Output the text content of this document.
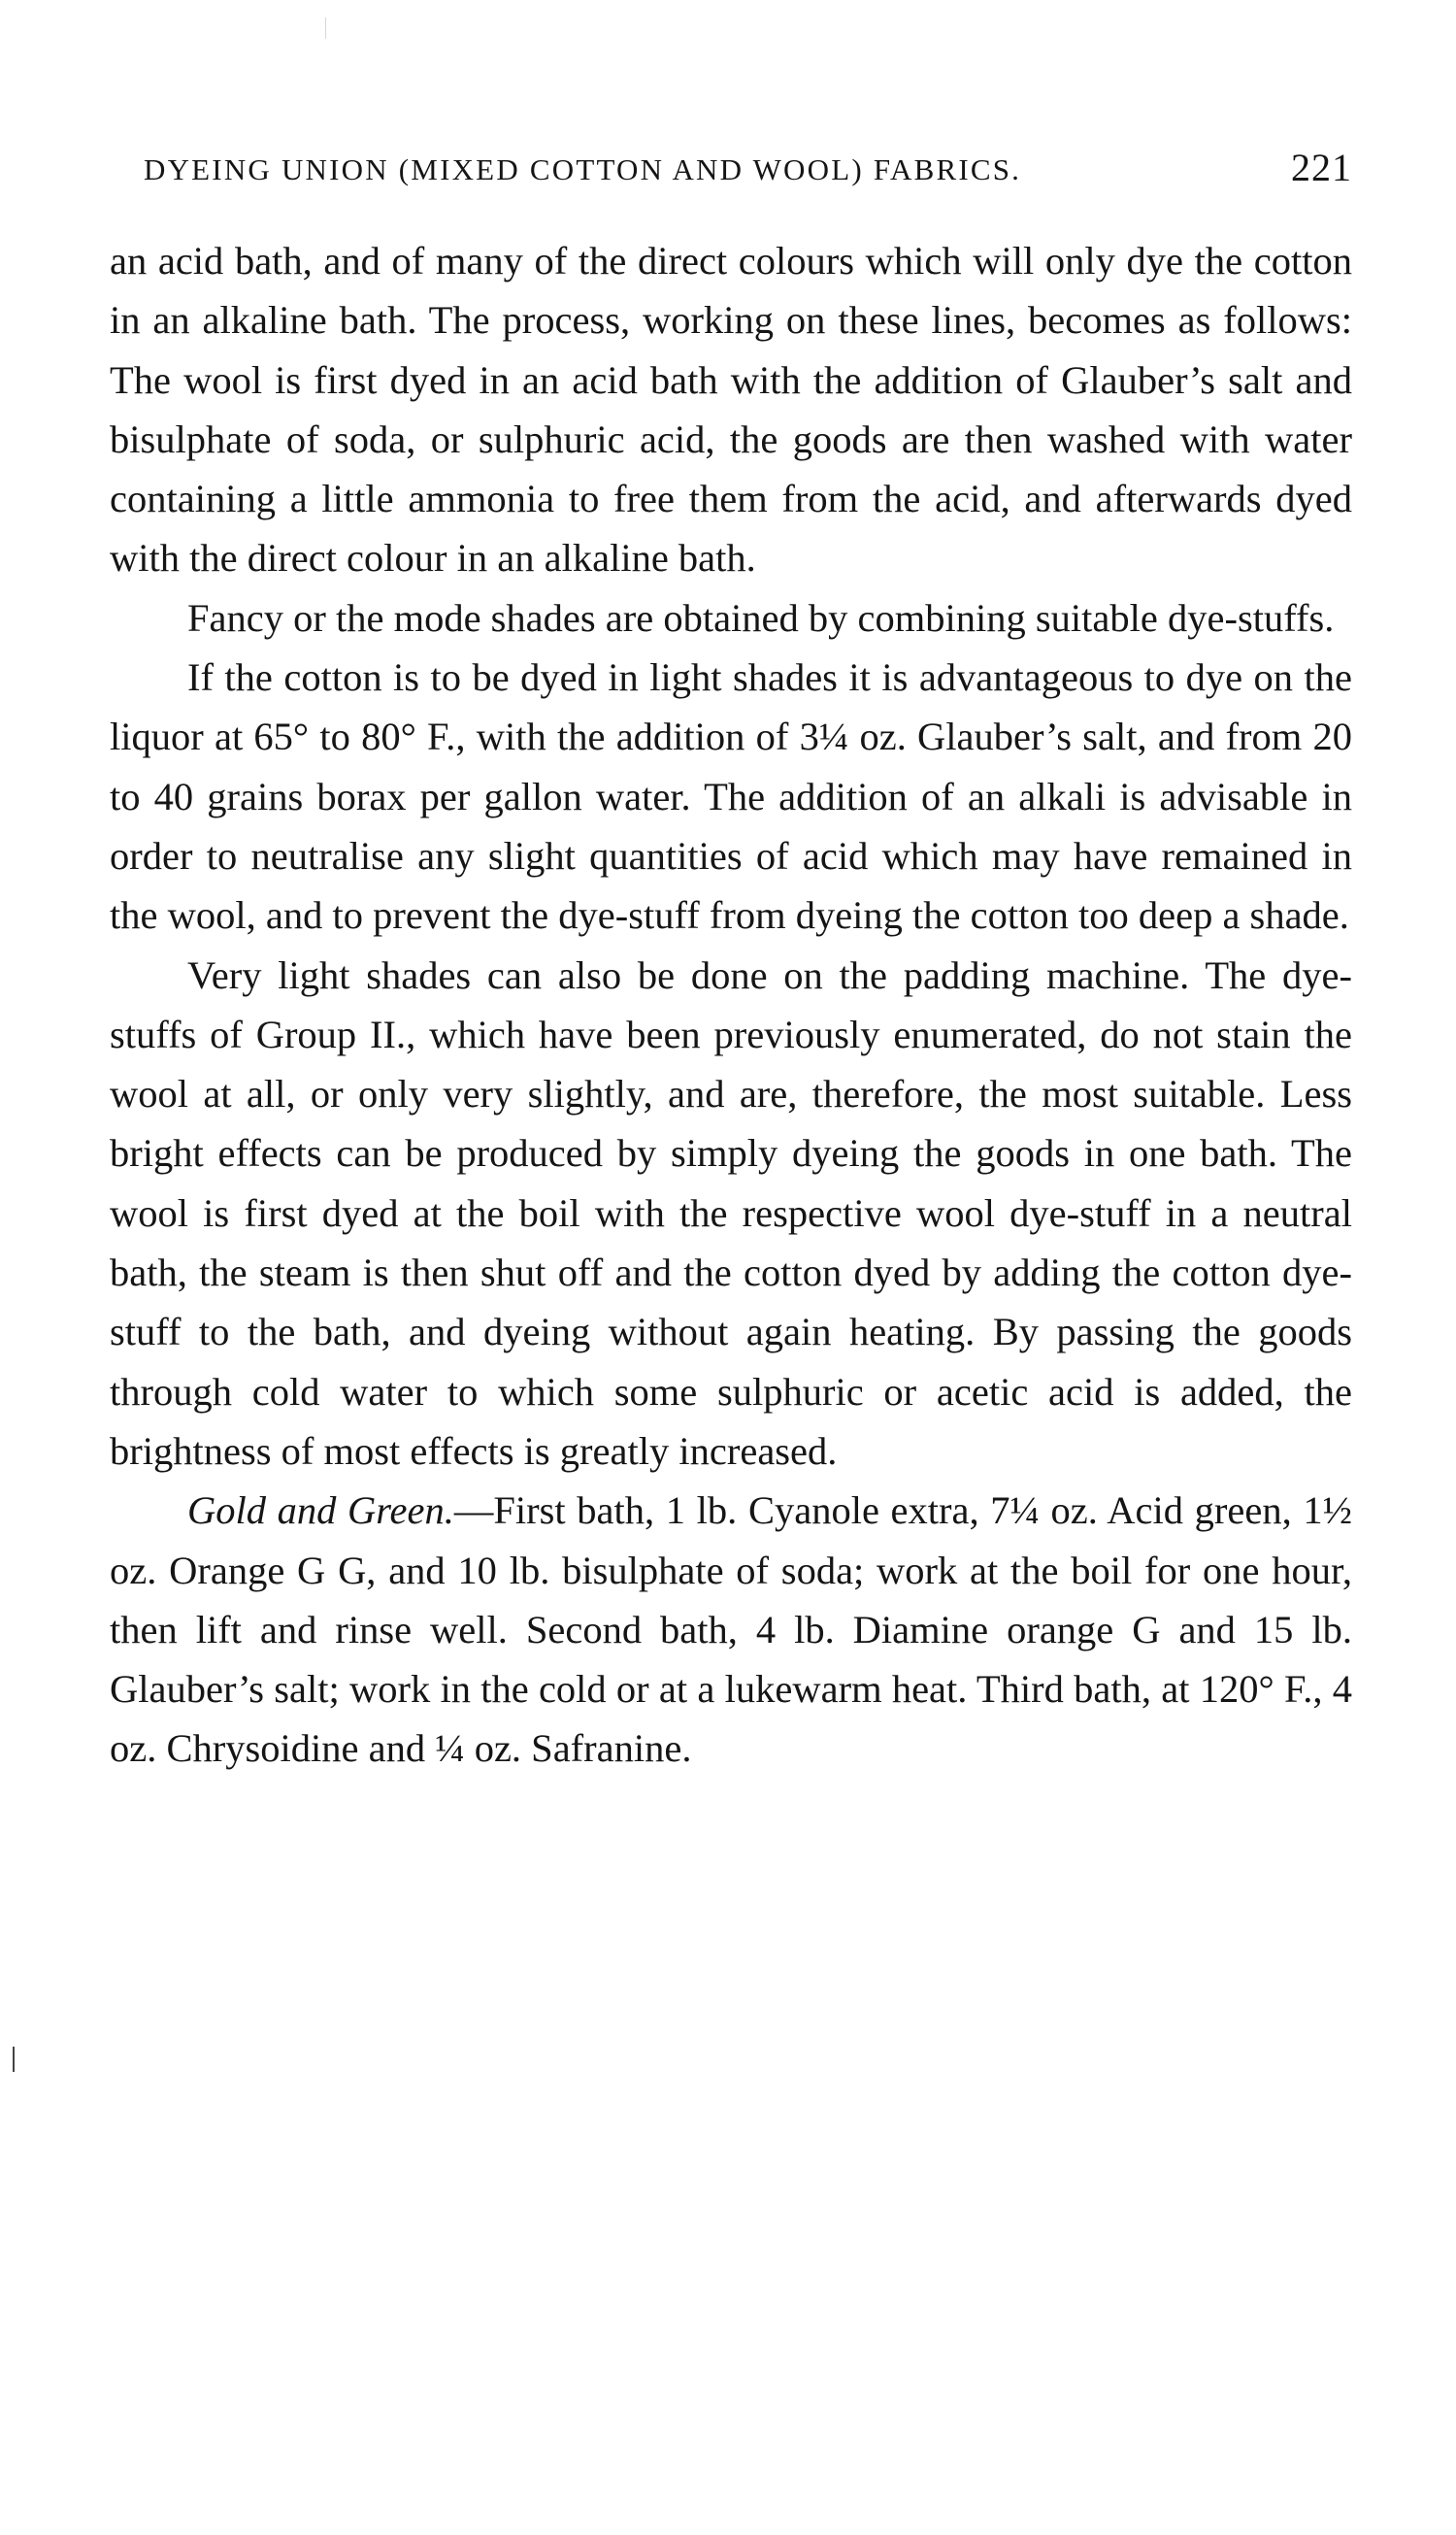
DYEING UNION (MIXED COTTON AND WOOL) FABRICS.	221

an acid bath, and of many of the direct colours which will only dye the cotton in an alkaline bath. The process, working on these lines, becomes as follows: The wool is first dyed in an acid bath with the addition of Glauber’s salt and bisulphate of soda, or sulphuric acid, the goods are then washed with water containing a little ammonia to free them from the acid, and afterwards dyed with the direct colour in an alkaline bath.

Fancy or the mode shades are obtained by combining suitable dye-stuffs.

If the cotton is to be dyed in light shades it is advantageous to dye on the liquor at 65° to 80° F., with the addition of 3¼ oz. Glauber’s salt, and from 20 to 40 grains borax per gallon water. The addition of an alkali is advisable in order to neutralise any slight quantities of acid which may have remained in the wool, and to prevent the dye-stuff from dyeing the cotton too deep a shade.

Very light shades can also be done on the padding machine. The dye-stuffs of Group II., which have been previously enumerated, do not stain the wool at all, or only very slightly, and are, therefore, the most suitable. Less bright effects can be produced by simply dyeing the goods in one bath. The wool is first dyed at the boil with the respective wool dye-stuff in a neutral bath, the steam is then shut off and the cotton dyed by adding the cotton dye-stuff to the bath, and dyeing without again heating. By passing the goods through cold water to which some sulphuric or acetic acid is added, the brightness of most effects is greatly increased.

Gold and Green.—First bath, 1 lb. Cyanole extra, 7¼ oz. Acid green, 1½ oz. Orange G G, and 10 lb. bisulphate of soda; work at the boil for one hour, then lift and rinse well. Second bath, 4 lb. Diamine orange G and 15 lb. Glauber’s salt; work in the cold or at a lukewarm heat. Third bath, at 120° F., 4 oz. Chrysoidine and ¼ oz. Safranine.
